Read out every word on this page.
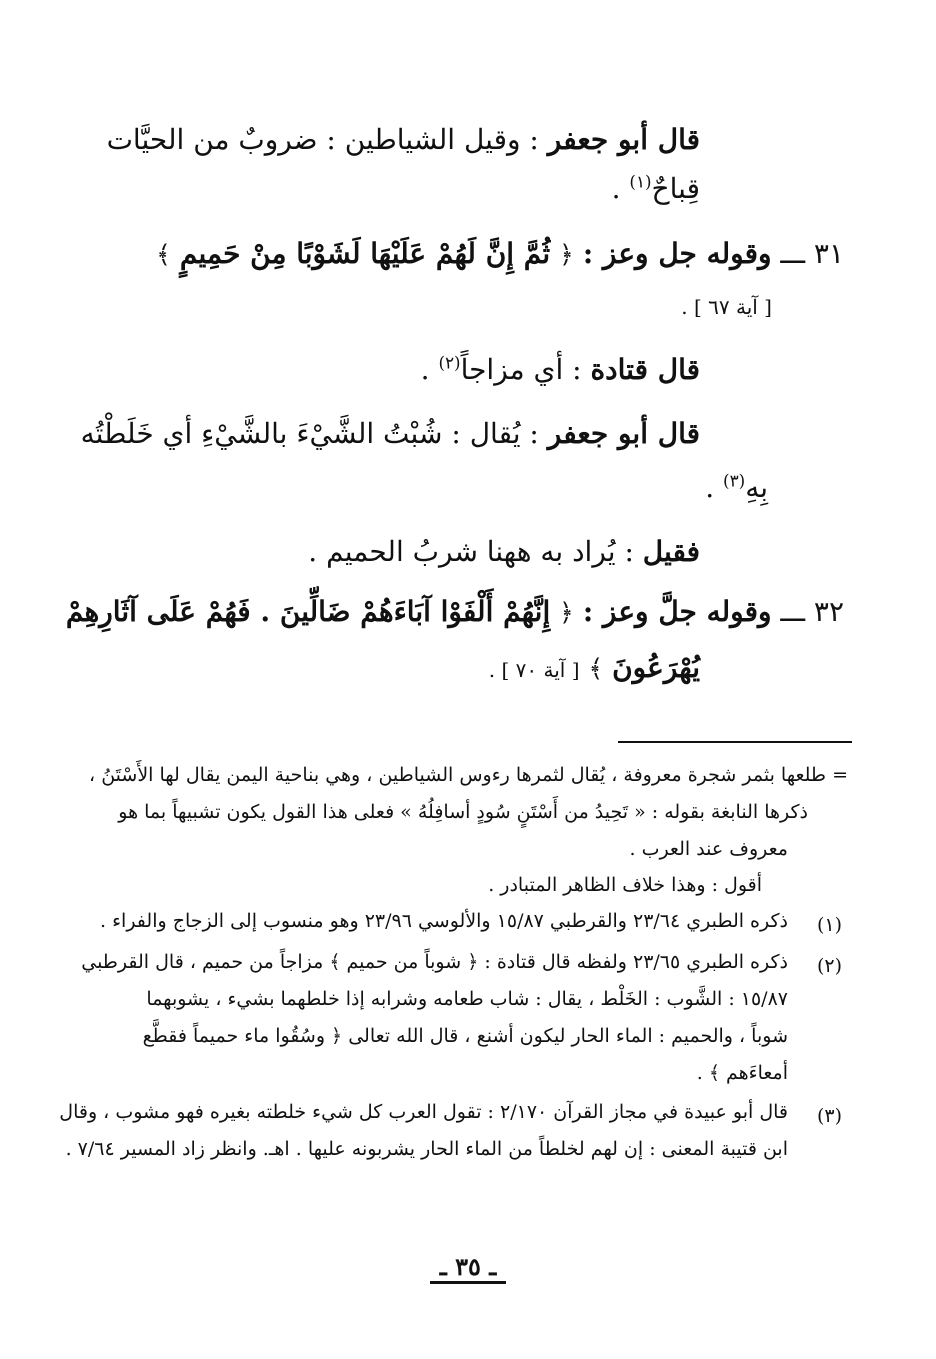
قال أبو جعفر : وقيل الشياطين : ضروبٌ من الحيَّات
قِباحٌ$^{(١)}$ .
٣١ ـــ وقوله جل وعز : ﴿ ثُمَّ إِنَّ لَهُمْ عَلَيْهَا لَشَوْبًا مِنْ حَمِيمٍ ﴾
[ آية ٦٧ ] .
قال قتادة : أي مزاجاً$^{(٢)}$ .
قال أبو جعفر : يُقال : شُبْتُ الشَّيْءَ بالشَّيْءِ أي خَلَطْتُه
بِهِ$^{(٣)}$ .
فقيل : يُراد به ههنا شربُ الحميم .
٣٢ ـــ وقوله جلَّ وعز : ﴿ إِنَّهُمْ أَلْفَوْا آبَاءَهُمْ ضَالِّينَ . فَهُمْ عَلَى آثَارِهِمْ
يُهْرَعُونَ ﴾ [ آية ٧٠ ] .
= طلعها بثمر شجرة معروفة ، يُقال لثمرها رءوس الشياطين ، وهي بناحية اليمن يقال لها الأَسْتَنُ ،
ذكرها النابغة بقوله : « تَحِيدُ من أَسْتَنٍ سُودٍ أسافِلُهُ » فعلى هذا القول يكون تشبيهاً بما هو
معروف عند العرب .
أقول : وهذا خلاف الظاهر المتبادر .
(١)
ذكره الطبري ٢٣/٦٤ والقرطبي ١٥/٨٧ والألوسي ٢٣/٩٦ وهو منسوب إلى الزجاج والفراء .
(٢)
ذكره الطبري ٢٣/٦٥ ولفظه قال قتادة : ﴿ شوباً من حميم ﴾ مزاجاً من حميم ، قال القرطبي
١٥/٨٧ : الشَّوب : الخَلْط ، يقال : شاب طعامه وشرابه إذا خلطهما بشيء ، يشوبهما
شوباً ، والحميم : الماء الحار ليكون أشنع ، قال الله تعالى ﴿ وسُقُوا ماء حميماً فقطَّع
أمعاءَهم ﴾ .
(٣)
قال أبو عبيدة في مجاز القرآن ٢/١٧٠ : تقول العرب كل شيء خلطته بغيره فهو مشوب ، وقال
ابن قتيبة المعنى : إن لهم لخلطاً من الماء الحار يشربونه عليها . اهـ. وانظر زاد المسير ٧/٦٤ .
ـ ٣٥ ـ
